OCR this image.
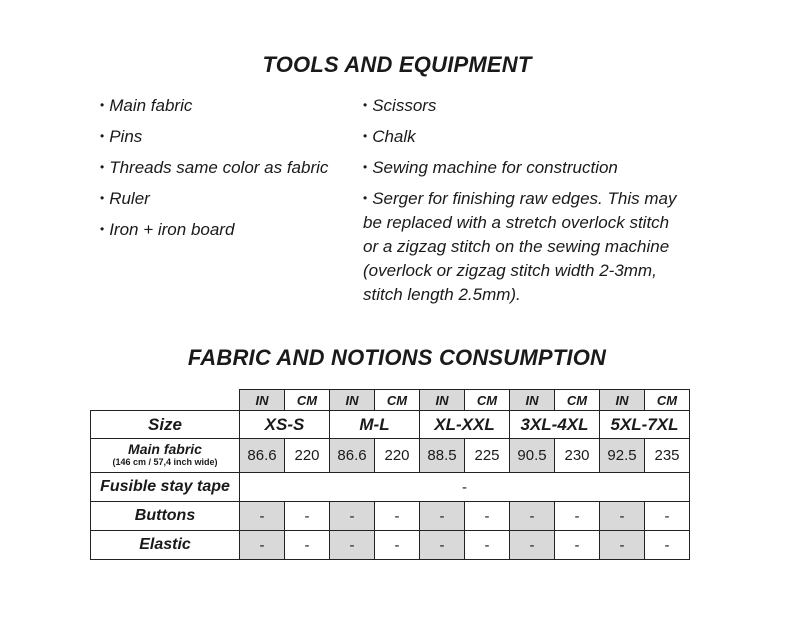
TOOLS AND EQUIPMENT
• Main fabric
• Pins
• Threads same color as fabric
• Ruler
• Iron + iron board
• Scissors
• Chalk
• Sewing machine for construction
• Serger for finishing raw edges. This may be replaced with a stretch overlock stitch or a zigzag stitch on the sewing machine (overlock or zigzag stitch width 2-3mm, stitch length 2.5mm).
FABRIC AND NOTIONS CONSUMPTION
	IN	CM	IN	CM	IN	CM	IN	CM	IN	CM
Size	XS-S		M-L		XL-XXL		3XL-4XL		5XL-7XL	

Main fabric
(146 cm / 57,4 inch wide)	86.6	220	86.6	220	88.5	225	90.5	230	92.5	235
Fusible stay tape	-									
Buttons	-	-	-	-	-	-	-	-	-	-
Elastic	-	-	-	-	-	-	-	-	-	-
